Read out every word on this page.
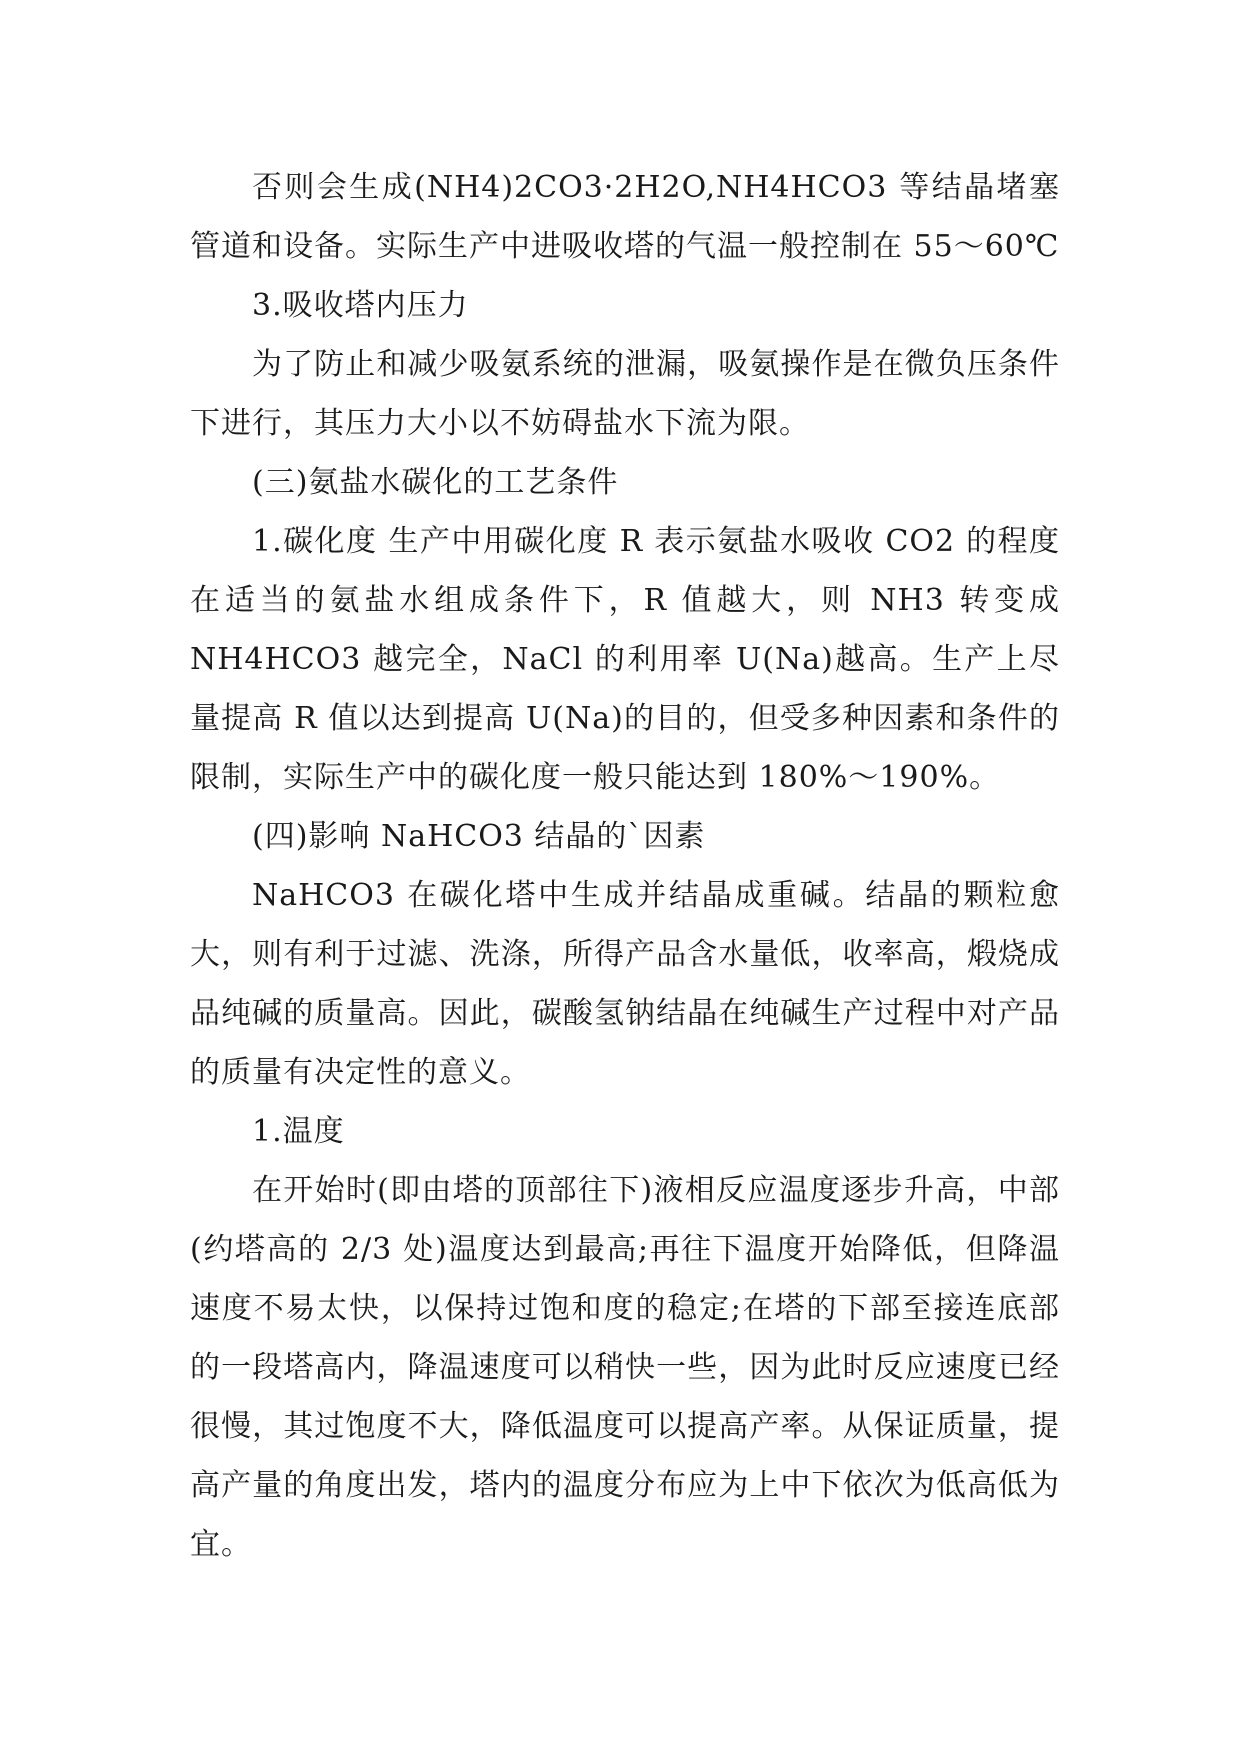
否则会生成(NH4)2CO3·2H2O,NH4HCO3 等结晶堵塞管道和设备。实际生产中进吸收塔的气温一般控制在 55～60℃

3.吸收塔内压力

为了防止和减少吸氨系统的泄漏，吸氨操作是在微负压条件下进行，其压力大小以不妨碍盐水下流为限。

(三)氨盐水碳化的工艺条件

1.碳化度 生产中用碳化度 R 表示氨盐水吸收 CO2 的程度在适当的氨盐水组成条件下，R 值越大，则 NH3 转变成NH4HCO3 越完全，NaCl 的利用率 U(Na)越高。生产上尽量提高 R 值以达到提高 U(Na)的目的，但受多种因素和条件的限制，实际生产中的碳化度一般只能达到 180%～190%。

(四)影响 NaHCO3 结晶的`因素

NaHCO3 在碳化塔中生成并结晶成重碱。结晶的颗粒愈大，则有利于过滤、洗涤，所得产品含水量低，收率高，煅烧成品纯碱的质量高。因此，碳酸氢钠结晶在纯碱生产过程中对产品的质量有决定性的意义。

1.温度

在开始时(即由塔的顶部往下)液相反应温度逐步升高，中部(约塔高的 2/3 处)温度达到最高;再往下温度开始降低，但降温速度不易太快，以保持过饱和度的稳定;在塔的下部至接连底部的一段塔高内，降温速度可以稍快一些，因为此时反应速度已经很慢，其过饱度不大，降低温度可以提高产率。从保证质量，提高产量的角度出发，塔内的温度分布应为上中下依次为低高低为宜。
